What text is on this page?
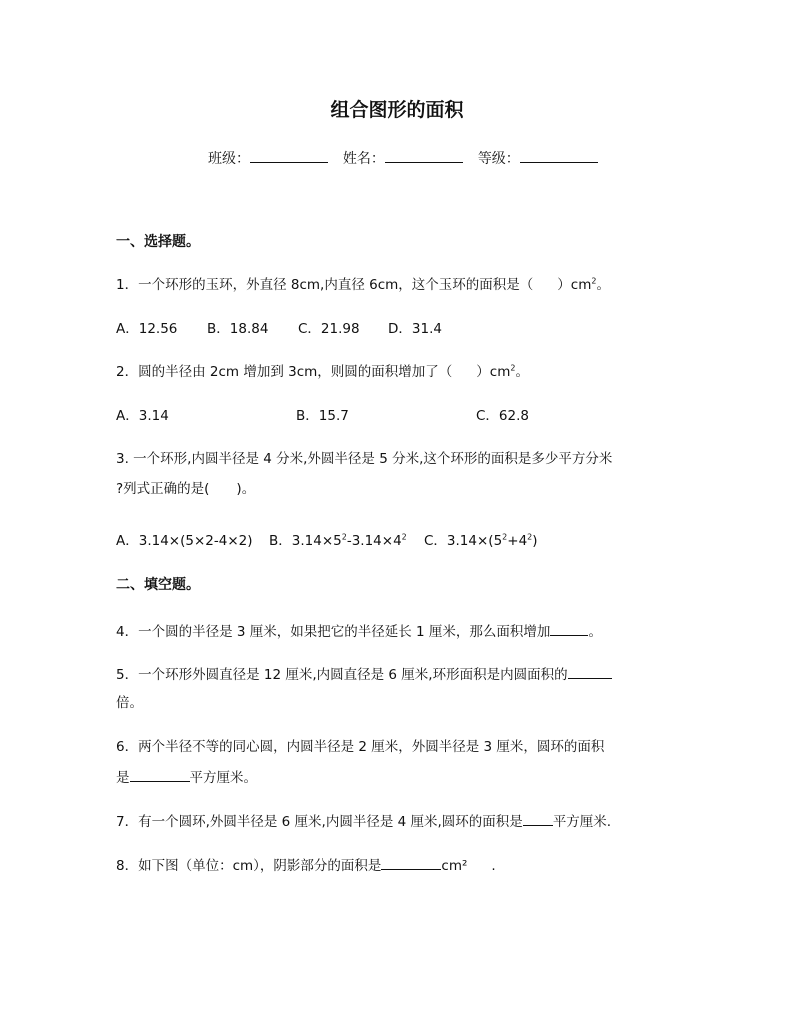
组合图形的面积
班级：	姓名：	等级：
一、选择题。
1．一个环形的玉环，外直径 8cm,内直径 6cm，这个玉环的面积是（ ）$cm^2$。
A．12.56 B．18.84 C．21.98 D．31.4
2．圆的半径由 2cm 增加到 3cm，则圆的面积增加了（ ）$cm^2$。
A．3.14	B．15.7	C．62.8
3. 一个环形,内圆半径是 4 分米,外圆半径是 5 分米,这个环形的面积是多少平方分米
?列式正确的是(　　)。
A．3.14×(5×2-4×2) B．$3.14\times 5^2-3.14\times 4^2$ C．$3.14\times(5^2+4^2)$
二、填空题。
4．一个圆的半径是 3 厘米，如果把它的半径延长 1 厘米，那么面积增加	。
5．一个环形外圆直径是 12 厘米,内圆直径是 6 厘米,环形面积是内圆面积的
倍。
6．两个半径不等的同心圆，内圆半径是 2 厘米，外圆半径是 3 厘米，圆环的面积
是	平方厘米。
7．有一个圆环,外圆半径是 6 厘米,内圆半径是 4 厘米,圆环的面积是 平方厘米.
8．如下图（单位：cm），阴影部分的面积是	cm² .
